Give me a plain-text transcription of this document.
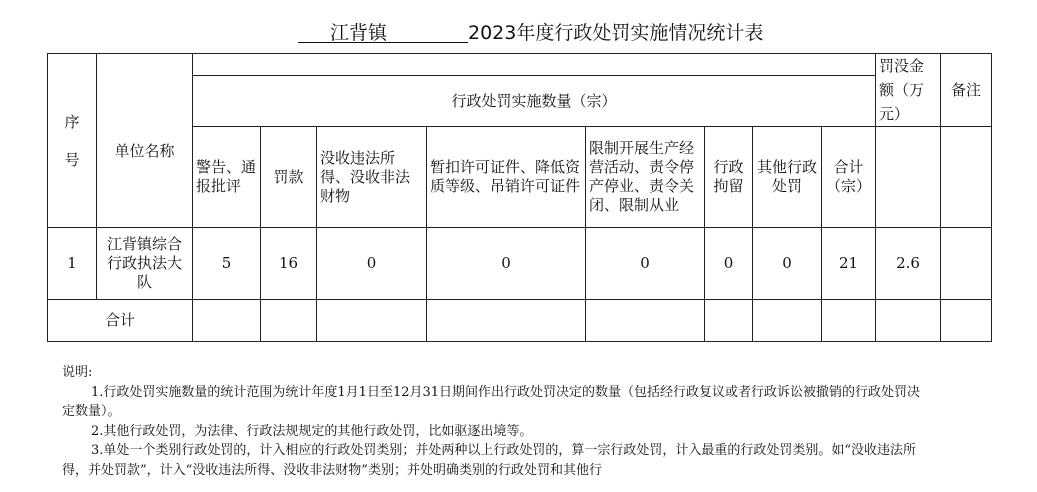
江背镇	2023年度行政处罚实施情况统计表
序号										罚没金额（万元）	备注
	单位名称	行政处罚实施数量（宗）									
		警告、通报批评	罚款	没收违法所得、没收非法财物	暂扣许可证件、降低资质等级、吊销许可证件	限制开展生产经营活动、责令停产停业、责令关闭、限制从业	行政拘留	其他行政处罚	合计（宗）		
1	江背镇综合行政执法大队	5	16	0	0	0	0	0	21	2.6	
合计											

说明:

1.行政处罚实施数量的统计范围为统计年度1月1日至12月31日期间作出行政处罚决定的数量（包括经行政复议或者行政诉讼被撤销的行政处罚决定数量）。

2.其他行政处罚，为法律、行政法规规定的其他行政处罚，比如驱逐出境等。

3.单处一个类别行政处罚的，计入相应的行政处罚类别；并处两种以上行政处罚的，算一宗行政处罚，计入最重的行政处罚类别。如“没收违法所得，并处罚款”，计入“没收违法所得、没收非法财物”类别；并处明确类别的行政处罚和其他行
